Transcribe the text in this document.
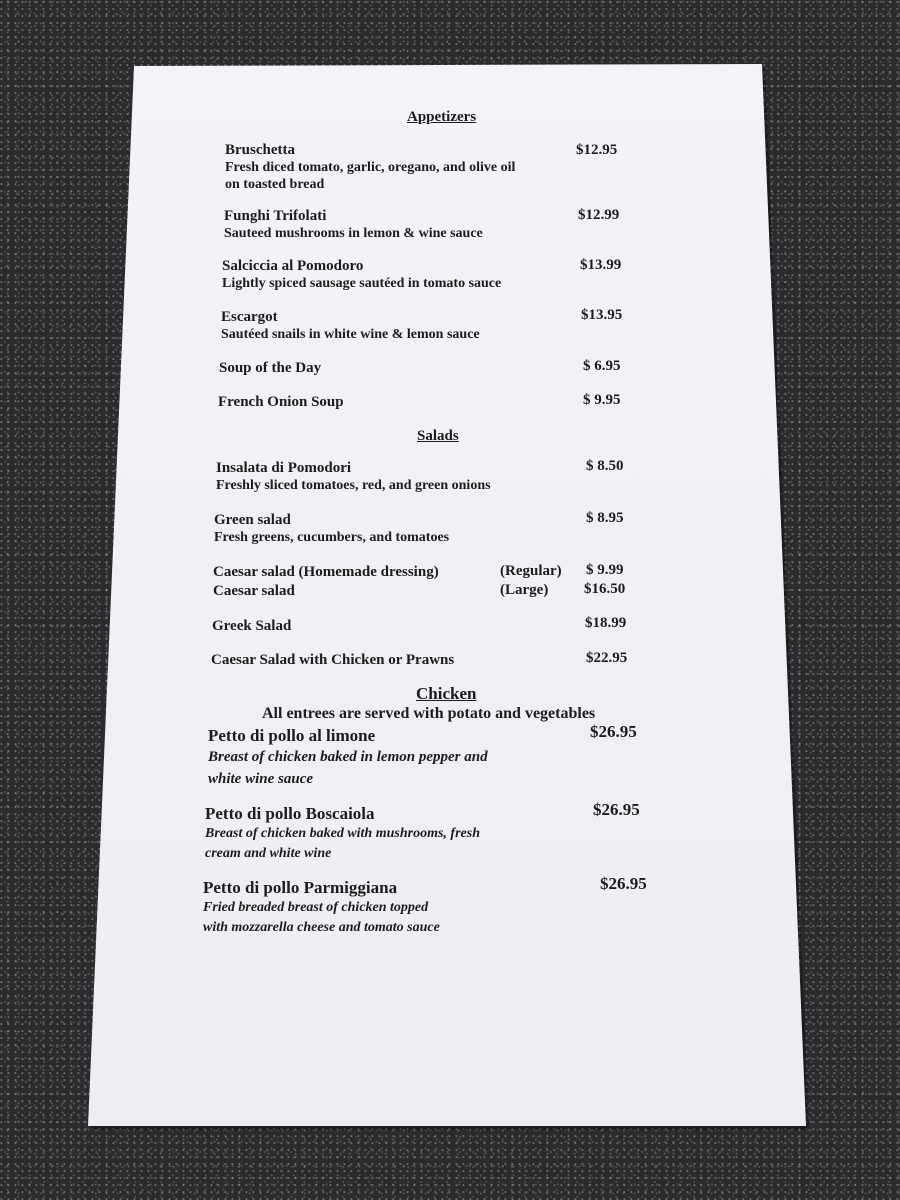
Appetizers
Bruschetta
Fresh diced tomato, garlic, oregano, and olive oil
on toasted bread
$12.95
Funghi Trifolati
Sauteed mushrooms in lemon & wine sauce
$12.99
Salciccia al Pomodoro
Lightly spiced sausage sautéed in tomato sauce
$13.99
Escargot
Sautéed snails in white wine & lemon sauce
$13.95
Soup of the Day	$ 6.95
French Onion Soup	$ 9.95
Salads
Insalata di Pomodori
Freshly sliced tomatoes, red, and green onions
$ 8.50
Green salad
Fresh greens, cucumbers, and tomatoes
$ 8.95
Caesar salad (Homemade dressing)	(Regular) $ 9.99
Caesar salad	(Large) $16.50
Greek Salad	$18.99
Caesar Salad with Chicken or Prawns	$22.95
Chicken
All entrees are served with potato and vegetables
Petto di pollo al limone
Breast of chicken baked in lemon pepper and
white wine sauce
$26.95
Petto di pollo Boscaiola
Breast of chicken baked with mushrooms, fresh
cream and white wine
$26.95
Petto di pollo Parmiggiana
Fried breaded breast of chicken topped
with mozzarella cheese and tomato sauce
$26.95
